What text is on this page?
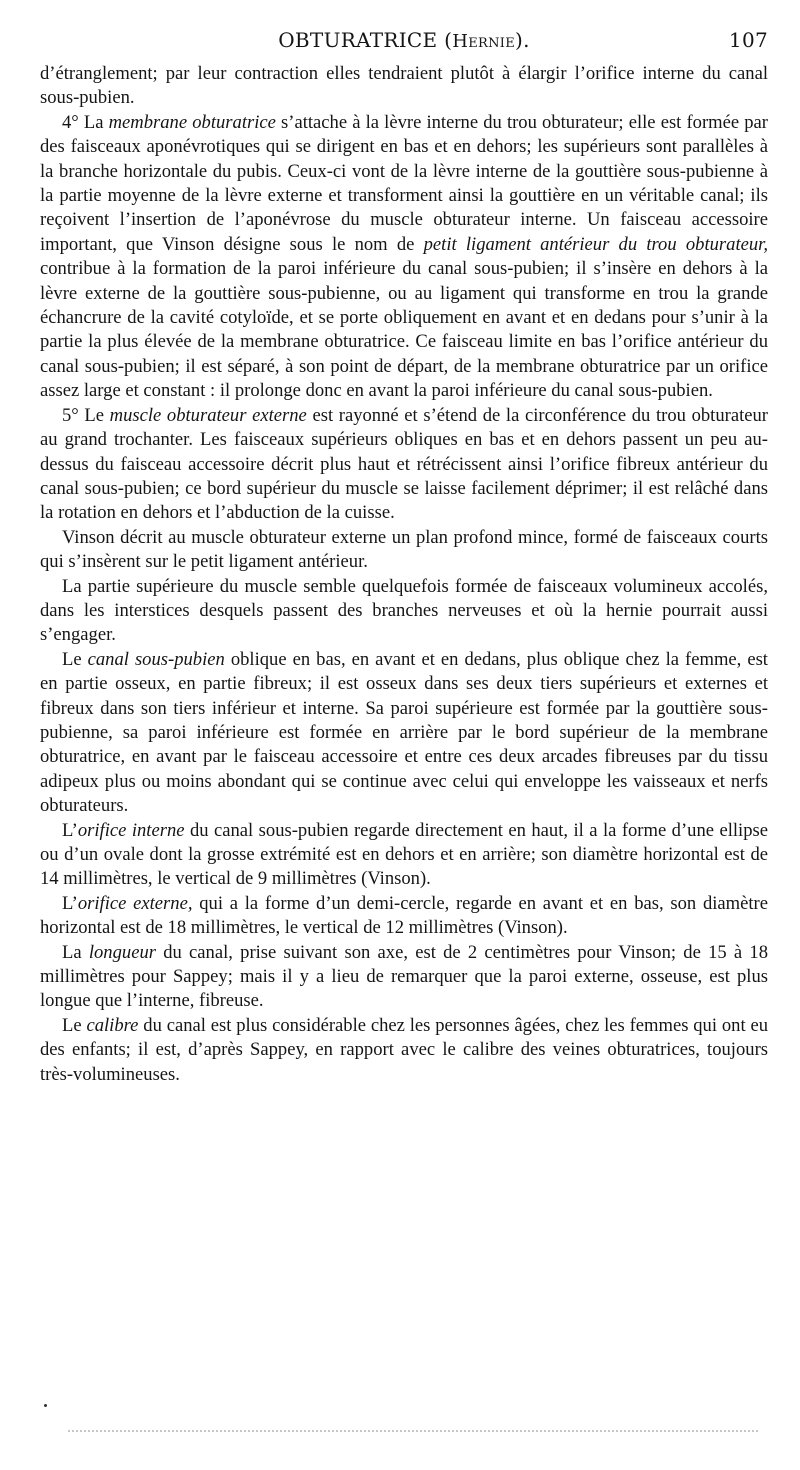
OBTURATRICE (Hernie).	107

d’étranglement; par leur contraction elles tendraient plutôt à élargir l’orifice interne du canal sous-pubien.

4° La membrane obturatrice s’attache à la lèvre interne du trou obturateur; elle est formée par des faisceaux aponévrotiques qui se dirigent en bas et en dehors; les supérieurs sont parallèles à la branche horizontale du pubis. Ceux-ci vont de la lèvre interne de la gouttière sous-pubienne à la partie moyenne de la lèvre externe et transforment ainsi la gouttière en un véritable canal; ils reçoivent l’insertion de l’aponévrose du muscle obturateur interne. Un faisceau accessoire important, que Vinson désigne sous le nom de petit ligament antérieur du trou obturateur, contribue à la formation de la paroi inférieure du canal sous-pubien; il s’insère en dehors à la lèvre externe de la gouttière sous-pubienne, ou au ligament qui transforme en trou la grande échancrure de la cavité cotyloïde, et se porte obliquement en avant et en dedans pour s’unir à la partie la plus élevée de la membrane obturatrice. Ce faisceau limite en bas l’orifice antérieur du canal sous-pubien; il est séparé, à son point de départ, de la membrane obturatrice par un orifice assez large et constant : il prolonge donc en avant la paroi inférieure du canal sous-pubien.

5° Le muscle obturateur externe est rayonné et s’étend de la circonférence du trou obturateur au grand trochanter. Les faisceaux supérieurs obliques en bas et en dehors passent un peu au-dessus du faisceau accessoire décrit plus haut et rétrécissent ainsi l’orifice fibreux antérieur du canal sous-pubien; ce bord supérieur du muscle se laisse facilement déprimer; il est relâché dans la rotation en dehors et l’abduction de la cuisse.

Vinson décrit au muscle obturateur externe un plan profond mince, formé de faisceaux courts qui s’insèrent sur le petit ligament antérieur.

La partie supérieure du muscle semble quelquefois formée de faisceaux volumineux accolés, dans les interstices desquels passent des branches nerveuses et où la hernie pourrait aussi s’engager.

Le canal sous-pubien oblique en bas, en avant et en dedans, plus oblique chez la femme, est en partie osseux, en partie fibreux; il est osseux dans ses deux tiers supérieurs et externes et fibreux dans son tiers inférieur et interne. Sa paroi supérieure est formée par la gouttière sous-pubienne, sa paroi inférieure est formée en arrière par le bord supérieur de la membrane obturatrice, en avant par le faisceau accessoire et entre ces deux arcades fibreuses par du tissu adipeux plus ou moins abondant qui se continue avec celui qui enveloppe les vaisseaux et nerfs obturateurs.

L’orifice interne du canal sous-pubien regarde directement en haut, il a la forme d’une ellipse ou d’un ovale dont la grosse extrémité est en dehors et en arrière; son diamètre horizontal est de 14 millimètres, le vertical de 9 millimètres (Vinson).

L’orifice externe, qui a la forme d’un demi-cercle, regarde en avant et en bas, son diamètre horizontal est de 18 millimètres, le vertical de 12 millimètres (Vinson).

La longueur du canal, prise suivant son axe, est de 2 centimètres pour Vinson; de 15 à 18 millimètres pour Sappey; mais il y a lieu de remarquer que la paroi externe, osseuse, est plus longue que l’interne, fibreuse.

Le calibre du canal est plus considérable chez les personnes âgées, chez les femmes qui ont eu des enfants; il est, d’après Sappey, en rapport avec le calibre des veines obturatrices, toujours très-volumineuses.
